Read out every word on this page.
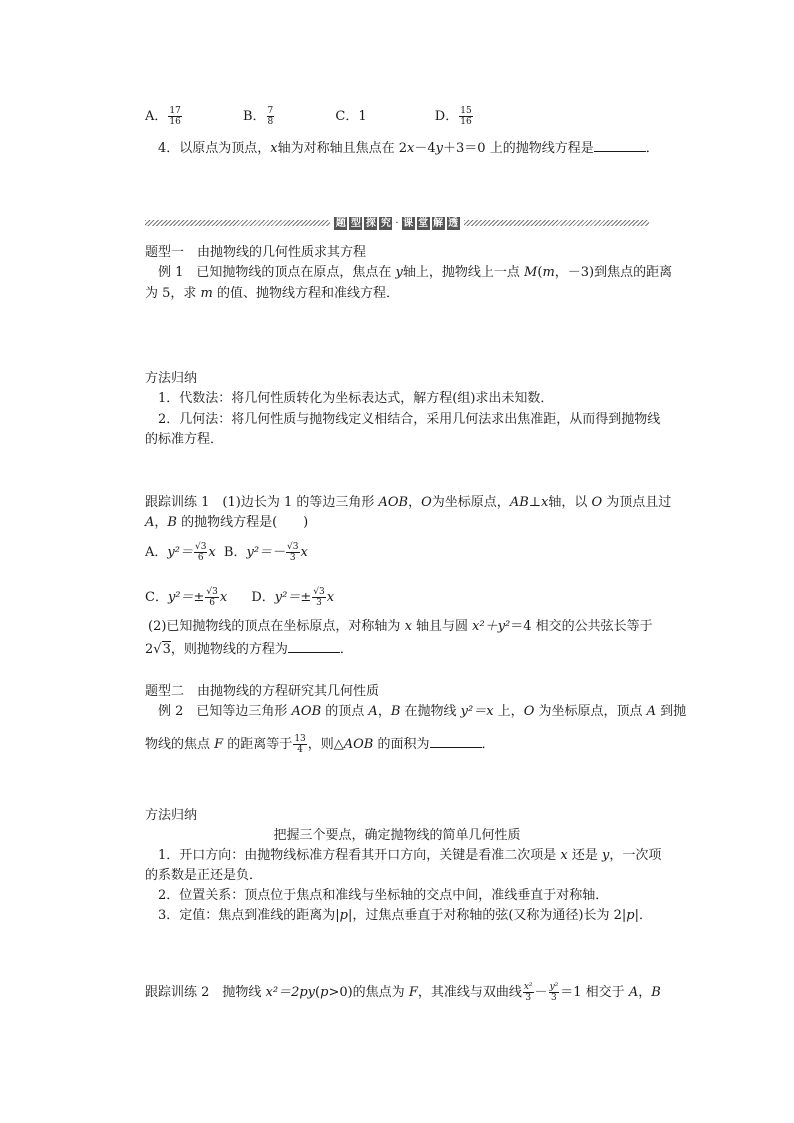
A． $\frac{17}{16}$	B． $\frac{7}{8}$	C．1	D． $\frac{15}{16}$
4．以原点为顶点，x轴为对称轴且焦点在 2x－4y＋3＝0 上的抛物线方程是	．
题 型 探 究 · 课 堂 解 透
题型一　由抛物线的几何性质求其方程
例 1　已知抛物线的顶点在原点，焦点在 y轴上，抛物线上一点 M(m，－3)到焦点的距离
为 5，求 m 的值、抛物线方程和准线方程．
方法归纳
1．代数法：将几何性质转化为坐标表达式，解方程(组)求出未知数．
2．几何法：将几何性质与抛物线定义相结合，采用几何法求出焦准距，从而得到抛物线
的标准方程．
跟踪训练 1　(1)边长为 1 的等边三角形 AOB，O为坐标原点，AB⊥x轴，以 O 为顶点且过
A，B 的抛物线方程是(　　)
A．$y^2= \frac{√3}{6}$ x B．$y^2=- \frac{√3}{3}$ x
C．$y^2=\pm \frac{√3}{6}$ x D．$y^2=\pm \frac{√3}{3}$ x
(2)已知抛物线的顶点在坐标原点，对称轴为 x 轴且与圆 x²＋y²＝4 相交的公共弦长等于
2√3，则抛物线的方程为	．
题型二　由抛物线的方程研究其几何性质
例 2　已知等边三角形 AOB 的顶点 A，B 在抛物线 y²＝x 上，O 为坐标原点，顶点 A 到抛
物线的焦点 F 的距离等于 $\frac{13}{4}$ ，则△AOB 的面积为	．
方法归纳
把握三个要点，确定抛物线的简单几何性质
1．开口方向：由抛物线标准方程看其开口方向，关键是看准二次项是 x 还是 y，一次项
的系数是正还是负．
2．位置关系：顶点位于焦点和准线与坐标轴的交点中间，准线垂直于对称轴．
3．定值：焦点到准线的距离为|p|，过焦点垂直于对称轴的弦(又称为通径)长为 2|p|．
跟踪训练 2　抛物线 x²＝2py(p>0)的焦点为 F，其准线与双曲线 $\frac{\text{x²}}{3} - \frac{\text{y²}}{3} =1$ 相交于 A，B
